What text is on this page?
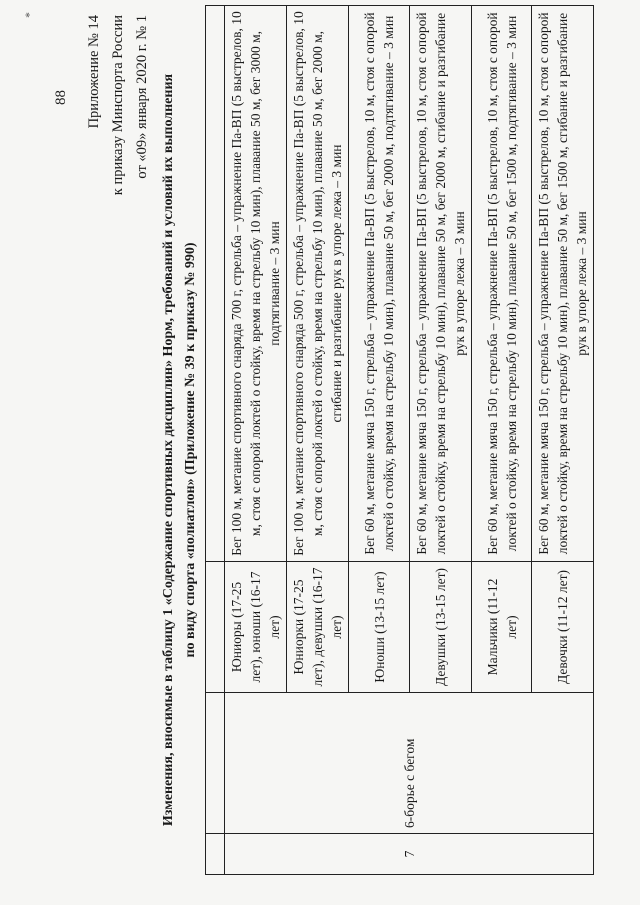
*
88 Приложение № 14 к приказу Минспорта России от «09» января 2020 г. № 1 Изменения, вносимые в таблицу 1 «Содержание спортивных дисциплин» Норм, требований и условий их выполнения по виду спорта «полиатлон» (Приложение № 39 к приказу № 990)

7	6-борье с бегом	Юниоры (17-25 лет), юноши (16-17 лет)	Бег 100 м, метание спортивного снаряда 700 г, стрельба – упражнение Па-ВП (5 выстрелов, 10 м, стоя с опорой локтей о стойку, время на стрельбу 10 мин), плавание 50 м, бег 3000 м, подтягивание – 3 мин
		Юниорки (17-25 лет), девушки (16-17 лет)	Бег 100 м, метание спортивного снаряда 500 г, стрельба – упражнение Па-ВП (5 выстрелов, 10 м, стоя с опорой локтей о стойку, время на стрельбу 10 мин), плавание 50 м, бег 2000 м, сгибание и разгибание рук в упоре лежа – 3 мин
		Юноши (13-15 лет)	Бег 60 м, метание мяча 150 г, стрельба – упражнение Па-ВП (5 выстрелов, 10 м, стоя с опорой локтей о стойку, время на стрельбу 10 мин), плавание 50 м, бег 2000 м, подтягивание – 3 мин
		Девушки (13-15 лет)	Бег 60 м, метание мяча 150 г, стрельба – упражнение Па-ВП (5 выстрелов, 10 м, стоя с опорой локтей о стойку, время на стрельбу 10 мин), плавание 50 м, бег 2000 м, сгибание и разгибание рук в упоре лежа – 3 мин
		Мальчики (11-12 лет)	Бег 60 м, метание мяча 150 г, стрельба – упражнение Па-ВП (5 выстрелов, 10 м, стоя с опорой локтей о стойку, время на стрельбу 10 мин), плавание 50 м, бег 1500 м, подтягивание – 3 мин
		Девочки (11-12 лет)	Бег 60 м, метание мяча 150 г, стрельба – упражнение Па-ВП (5 выстрелов, 10 м, стоя с опорой локтей о стойку, время на стрельбу 10 мин), плавание 50 м, бег 1500 м, сгибание и разгибание рук в упоре лежа – 3 мин
